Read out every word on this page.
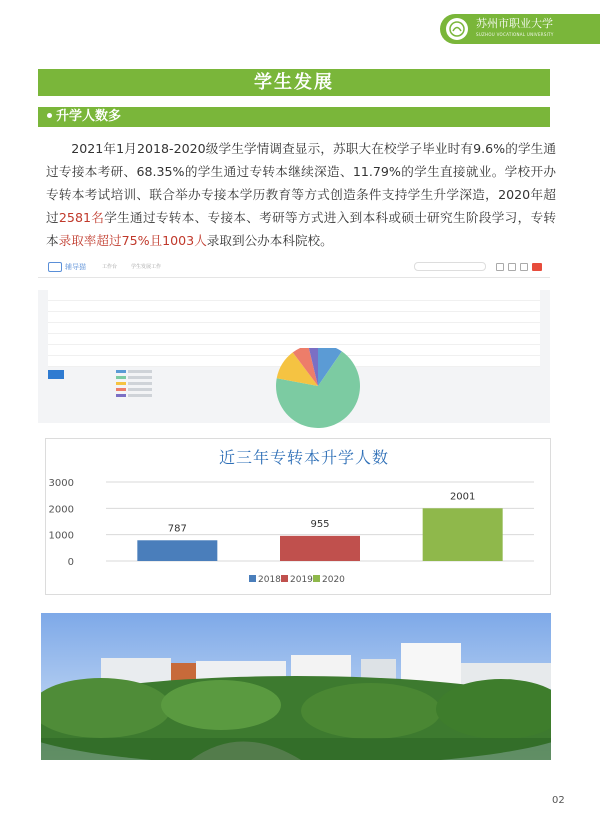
苏州市职业大学
SUZHOU VOCATIONAL UNIVERSITY
学生发展
升学人数多
  2021年1月2018-2020级学生学情调查显示，苏职大在校学子毕业时有9.6%的学生通过专接本考研、68.35%的学生通过专转本继续深造、11.79%的学生直接就业。学校开办专转本考试培训、联合举办专接本学历教育等方式创造条件支持学生升学深造，2020年超过2581名学生通过专转本、专接本、考研等方式进入到本科或硕士研究生阶段学习，专转本录取率超过75%且1003人录取到公办本科院校。
辅导猫	工作台	学生发展工作

近三年专转本升学人数
0
1000
2000
3000
787	955
2001
2018 2019 2020
02
